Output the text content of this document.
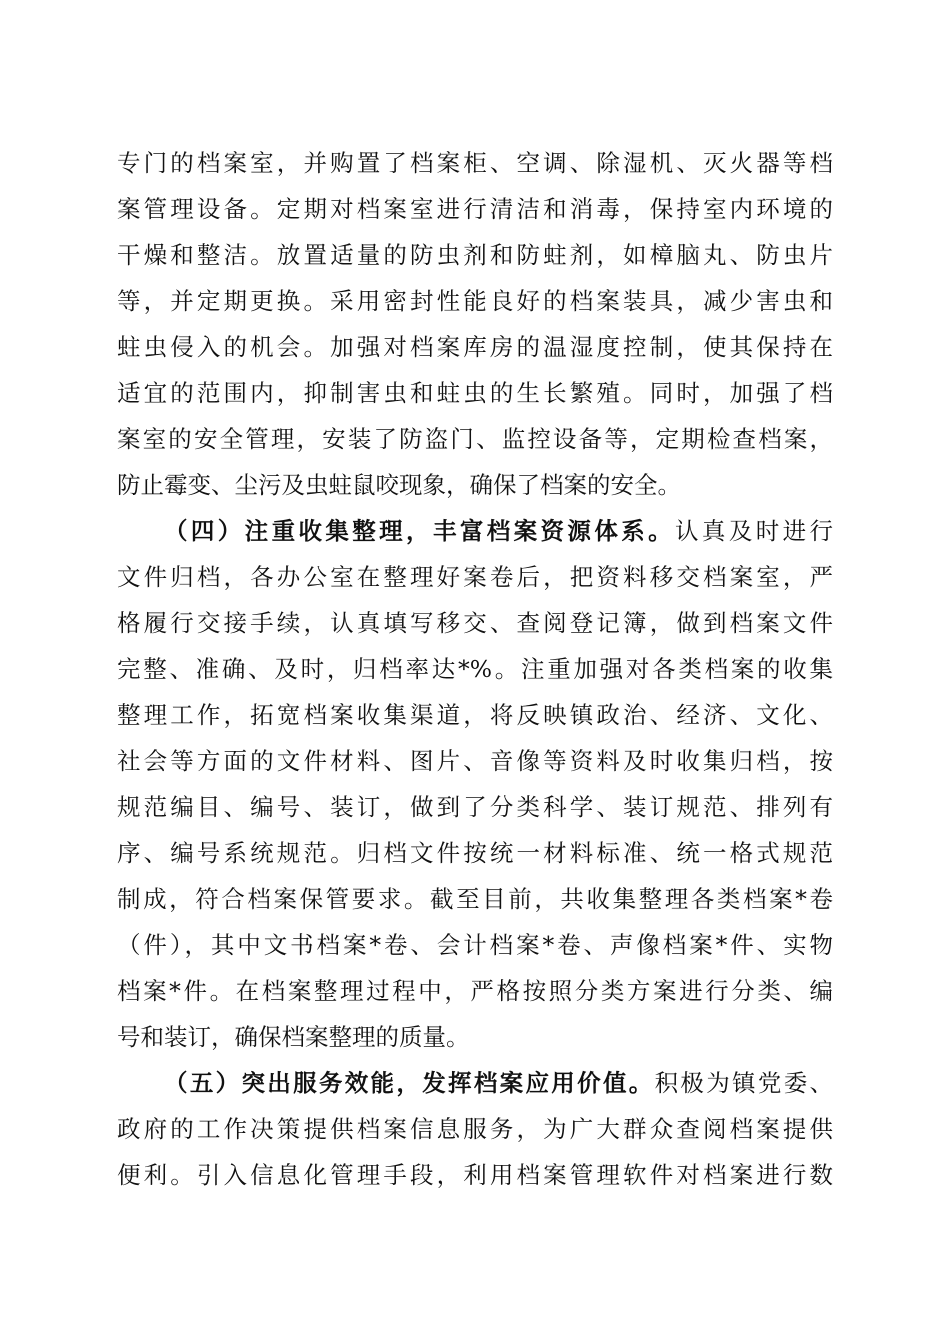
专门的档案室，并购置了档案柜、空调、除湿机、灭火器等档
案管理设备。定期对档案室进行清洁和消毒，保持室内环境的
干燥和整洁。放置适量的防虫剂和防蛀剂，如樟脑丸、防虫片
等，并定期更换。采用密封性能良好的档案装具，减少害虫和
蛀虫侵入的机会。加强对档案库房的温湿度控制，使其保持在
适宜的范围内，抑制害虫和蛀虫的生长繁殖。同时，加强了档
案室的安全管理，安装了防盗门、监控设备等，定期检查档案，
防止霉变、尘污及虫蛀鼠咬现象，确保了档案的安全。
（四）注重收集整理，丰富档案资源体系。认真及时进行
文件归档，各办公室在整理好案卷后，把资料移交档案室，严
格履行交接手续，认真填写移交、查阅登记簿，做到档案文件
完整、准确、及时，归档率达*%。注重加强对各类档案的收集
整理工作，拓宽档案收集渠道，将反映镇政治、经济、文化、
社会等方面的文件材料、图片、音像等资料及时收集归档，按
规范编目、编号、装订，做到了分类科学、装订规范、排列有
序、编号系统规范。归档文件按统一材料标准、统一格式规范
制成，符合档案保管要求。截至目前，共收集整理各类档案*卷
（件），其中文书档案*卷、会计档案*卷、声像档案*件、实物
档案*件。在档案整理过程中，严格按照分类方案进行分类、编
号和装订，确保档案整理的质量。
（五）突出服务效能，发挥档案应用价值。积极为镇党委、
政府的工作决策提供档案信息服务，为广大群众查阅档案提供
便利。引入信息化管理手段，利用档案管理软件对档案进行数
